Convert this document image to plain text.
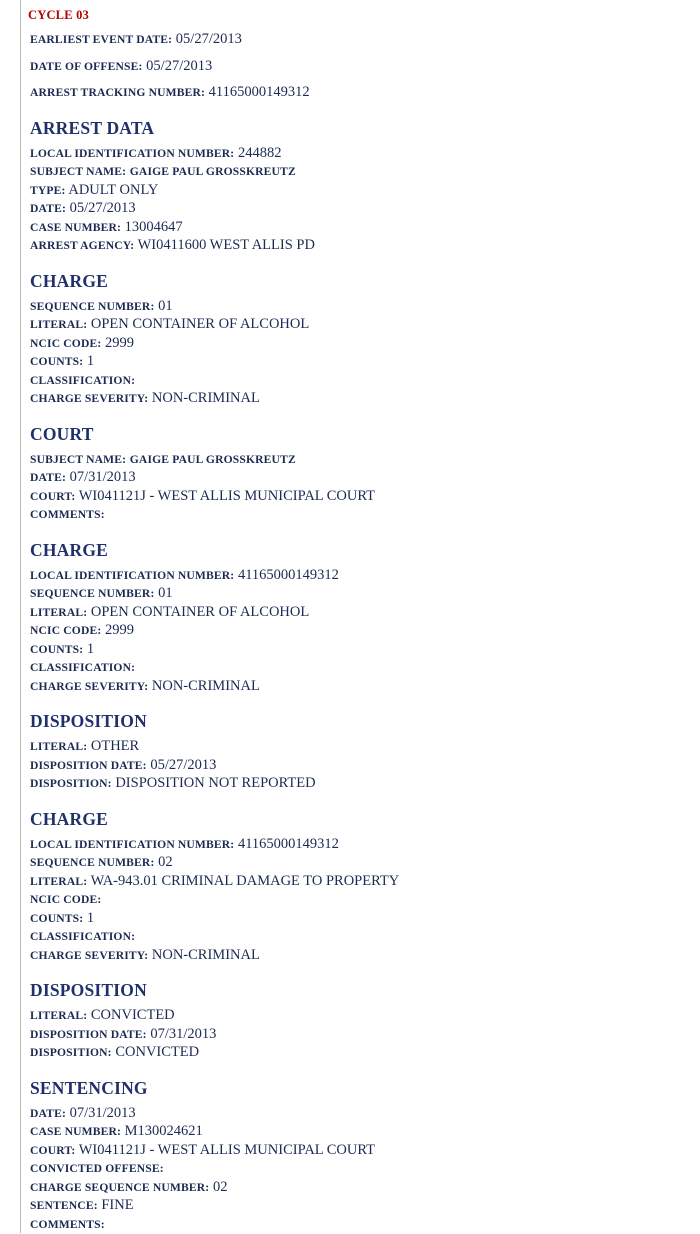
CYCLE 03
EARLIEST EVENT DATE: 05/27/2013
DATE OF OFFENSE: 05/27/2013
ARREST TRACKING NUMBER: 41165000149312
ARREST DATA
LOCAL IDENTIFICATION NUMBER: 244882
SUBJECT NAME: GAIGE PAUL GROSSKREUTZ
TYPE: ADULT ONLY
DATE: 05/27/2013
CASE NUMBER: 13004647
ARREST AGENCY: WI0411600 WEST ALLIS PD
CHARGE
SEQUENCE NUMBER: 01
LITERAL: OPEN CONTAINER OF ALCOHOL
NCIC CODE: 2999
COUNTS: 1
CLASSIFICATION:
CHARGE SEVERITY: NON-CRIMINAL
COURT
SUBJECT NAME: GAIGE PAUL GROSSKREUTZ
DATE: 07/31/2013
COURT: WI041121J - WEST ALLIS MUNICIPAL COURT
COMMENTS:
CHARGE
LOCAL IDENTIFICATION NUMBER: 41165000149312
SEQUENCE NUMBER: 01
LITERAL: OPEN CONTAINER OF ALCOHOL
NCIC CODE: 2999
COUNTS: 1
CLASSIFICATION:
CHARGE SEVERITY: NON-CRIMINAL
DISPOSITION
LITERAL: OTHER
DISPOSITION DATE: 05/27/2013
DISPOSITION: DISPOSITION NOT REPORTED
CHARGE
LOCAL IDENTIFICATION NUMBER: 41165000149312
SEQUENCE NUMBER: 02
LITERAL: WA-943.01 CRIMINAL DAMAGE TO PROPERTY
NCIC CODE:
COUNTS: 1
CLASSIFICATION:
CHARGE SEVERITY: NON-CRIMINAL
DISPOSITION
LITERAL: CONVICTED
DISPOSITION DATE: 07/31/2013
DISPOSITION: CONVICTED
SENTENCING
DATE: 07/31/2013
CASE NUMBER: M130024621
COURT: WI041121J - WEST ALLIS MUNICIPAL COURT
CONVICTED OFFENSE:
CHARGE SEQUENCE NUMBER: 02
SENTENCE: FINE
COMMENTS:
